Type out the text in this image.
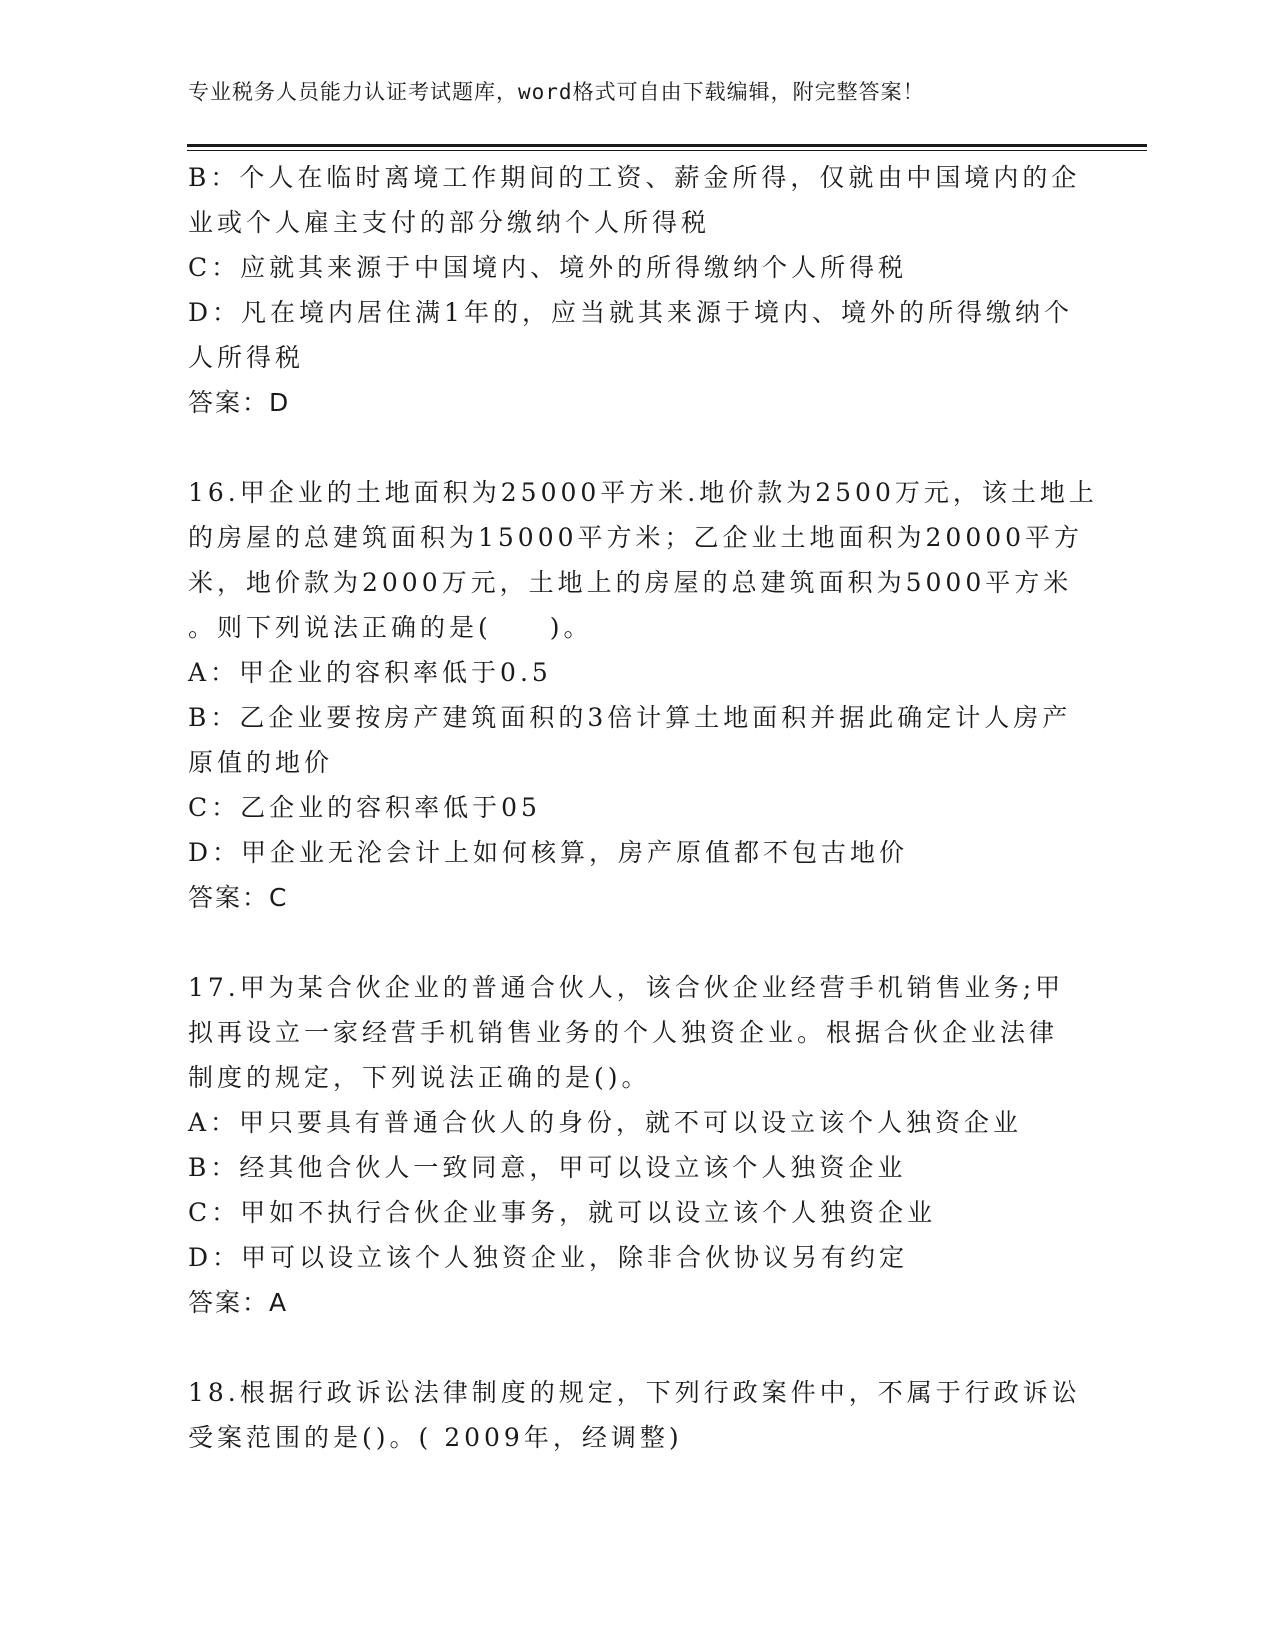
专业税务人员能力认证考试题库，word格式可自由下载编辑，附完整答案！
B：个人在临时离境工作期间的工资、薪金所得，仅就由中国境内的企
业或个人雇主支付的部分缴纳个人所得税
C：应就其来源于中国境内、境外的所得缴纳个人所得税
D：凡在境内居住满1年的，应当就其来源于境内、境外的所得缴纳个
人所得税
答案：D
16.甲企业的土地面积为25000平方米.地价款为2500万元，该土地上
的房屋的总建筑面积为15000平方米；乙企业土地面积为20000平方
米，地价款为2000万元，土地上的房屋的总建筑面积为5000平方米
。则下列说法正确的是(　　)。
A：甲企业的容积率低于0.5
B：乙企业要按房产建筑面积的3倍计算土地面积并据此确定计人房产
原值的地价
C：乙企业的容积率低于05
D：甲企业无沦会计上如何核算，房产原值都不包古地价
答案：C
17.甲为某合伙企业的普通合伙人，该合伙企业经营手机销售业务;甲
拟再设立一家经营手机销售业务的个人独资企业。根据合伙企业法律
制度的规定，下列说法正确的是()。
A：甲只要具有普通合伙人的身份，就不可以设立该个人独资企业
B：经其他合伙人一致同意，甲可以设立该个人独资企业
C：甲如不执行合伙企业事务，就可以设立该个人独资企业
D：甲可以设立该个人独资企业，除非合伙协议另有约定
答案：A
18.根据行政诉讼法律制度的规定，下列行政案件中，不属于行政诉讼
受案范围的是()。( 2009年，经调整)
